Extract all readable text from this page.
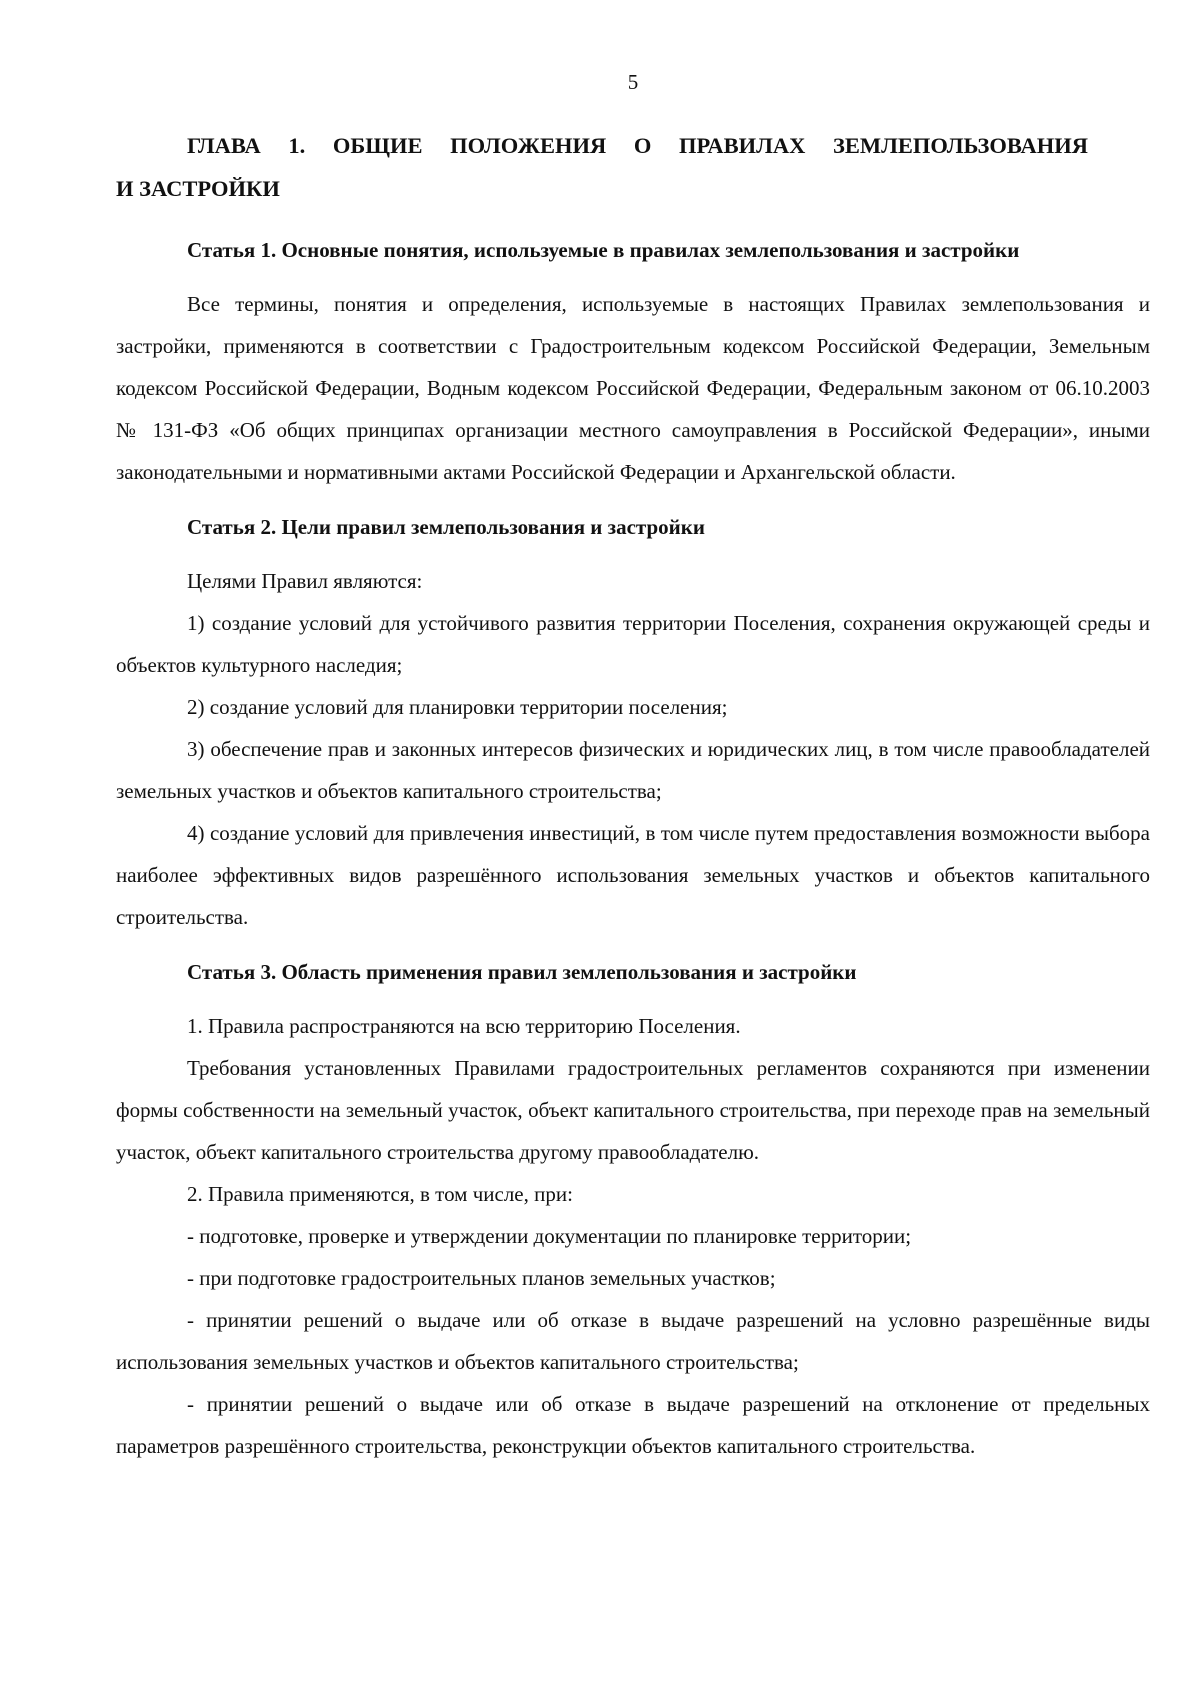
5
ГЛАВА 1. ОБЩИЕ ПОЛОЖЕНИЯ О ПРАВИЛАХ ЗЕМЛЕПОЛЬЗОВАНИЯ
И ЗАСТРОЙКИ
Статья 1. Основные понятия, используемые в правилах землепользования и застройки

Все термины, понятия и определения, используемые в настоящих Правилах землепользования и застройки, применяются в соответствии с Градостроительным кодексом Российской Федерации, Земельным кодексом Российской Федерации, Водным кодексом Российской Федерации, Федеральным законом от 06.10.2003 № 131-ФЗ «Об общих принципах организации местного самоуправления в Российской Федерации», иными законодательными и нормативными актами Российской Федерации и Архангельской области.

Статья 2. Цели правил землепользования и застройки

Целями Правил являются:

1) создание условий для устойчивого развития территории Поселения, сохранения окружающей среды и объектов культурного наследия;

2) создание условий для планировки территории поселения;

3) обеспечение прав и законных интересов физических и юридических лиц, в том числе правообладателей земельных участков и объектов капитального строительства;

4) создание условий для привлечения инвестиций, в том числе путем предоставления возможности выбора наиболее эффективных видов разрешённого использования земельных участков и объектов капитального строительства.

Статья 3. Область применения правил землепользования и застройки

1. Правила распространяются на всю территорию Поселения.

Требования установленных Правилами градостроительных регламентов сохраняются при изменении формы собственности на земельный участок, объект капитального строительства, при переходе прав на земельный участок, объект капитального строительства другому правообладателю.

2. Правила применяются, в том числе, при:

- подготовке, проверке и утверждении документации по планировке территории;

- при подготовке градостроительных планов земельных участков;

- принятии решений о выдаче или об отказе в выдаче разрешений на условно разрешённые виды использования земельных участков и объектов капитального строительства;

- принятии решений о выдаче или об отказе в выдаче разрешений на отклонение от предельных параметров разрешённого строительства, реконструкции объектов капитального строительства.
